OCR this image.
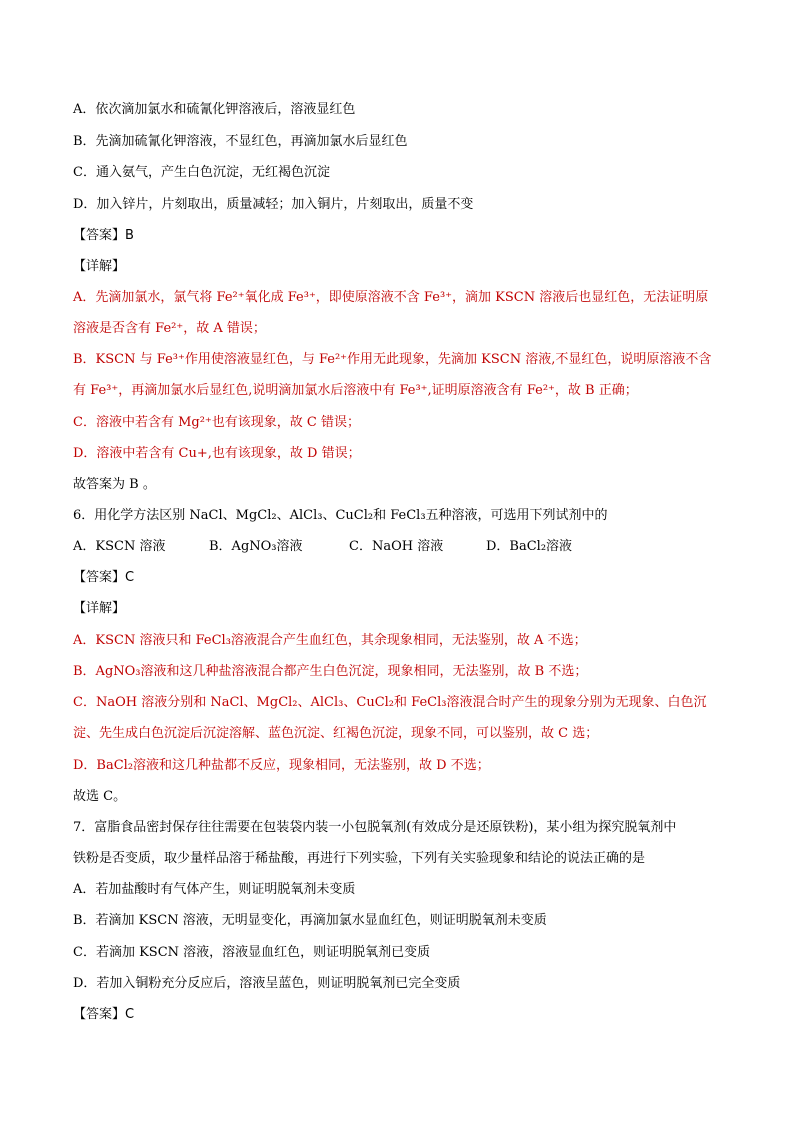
A．依次滴加氯水和硫氰化钾溶液后，溶液显红色
B．先滴加硫氰化钾溶液，不显红色，再滴加氯水后显红色
C．通入氨气，产生白色沉淀，无红褐色沉淀
D．加入锌片，片刻取出，质量减轻；加入铜片，片刻取出，质量不变
【答案】B
【详解】
A．先滴加氯水，氯气将 Fe²⁺氧化成 Fe³⁺，即使原溶液不含 Fe³⁺，滴加 KSCN 溶液后也显红色，无法证明原
溶液是否含有 Fe²⁺，故 A 错误；
B．KSCN 与 Fe³⁺作用使溶液显红色，与 Fe²⁺作用无此现象，先滴加 KSCN 溶液,不显红色，说明原溶液不含
有 Fe³⁺，再滴加氯水后显红色,说明滴加氯水后溶液中有 Fe³⁺,证明原溶液含有 Fe²⁺，故 B 正确；
C．溶液中若含有 Mg²⁺也有该现象，故 C 错误；
D．溶液中若含有 Cu+,也有该现象，故 D 错误；
故答案为 B 。
6．用化学方法区别 NaCl、MgCl₂、AlCl₃、CuCl₂和 FeCl₃五种溶液，可选用下列试剂中的
A．KSCN 溶液	B．AgNO₃溶液	C．NaOH 溶液	D．BaCl₂溶液
【答案】C
【详解】
A．KSCN 溶液只和 FeCl₃溶液混合产生血红色，其余现象相同，无法鉴别，故 A 不选；
B．AgNO₃溶液和这几种盐溶液混合都产生白色沉淀，现象相同，无法鉴别，故 B 不选；
C．NaOH 溶液分别和 NaCl、MgCl₂、AlCl₃、CuCl₂和 FeCl₃溶液混合时产生的现象分别为无现象、白色沉
淀、先生成白色沉淀后沉淀溶解、蓝色沉淀、红褐色沉淀，现象不同，可以鉴别，故 C 选；
D．BaCl₂溶液和这几种盐都不反应，现象相同，无法鉴别，故 D 不选；
故选 C。
7．富脂食品密封保存往往需要在包装袋内装一小包脱氧剂(有效成分是还原铁粉)，某小组为探究脱氧剂中
铁粉是否变质，取少量样品溶于稀盐酸，再进行下列实验，下列有关实验现象和结论的说法正确的是
A．若加盐酸时有气体产生，则证明脱氧剂未变质
B．若滴加 KSCN 溶液，无明显变化，再滴加氯水显血红色，则证明脱氧剂未变质
C．若滴加 KSCN 溶液，溶液显血红色，则证明脱氧剂已变质
D．若加入铜粉充分反应后，溶液呈蓝色，则证明脱氧剂已完全变质
【答案】C
